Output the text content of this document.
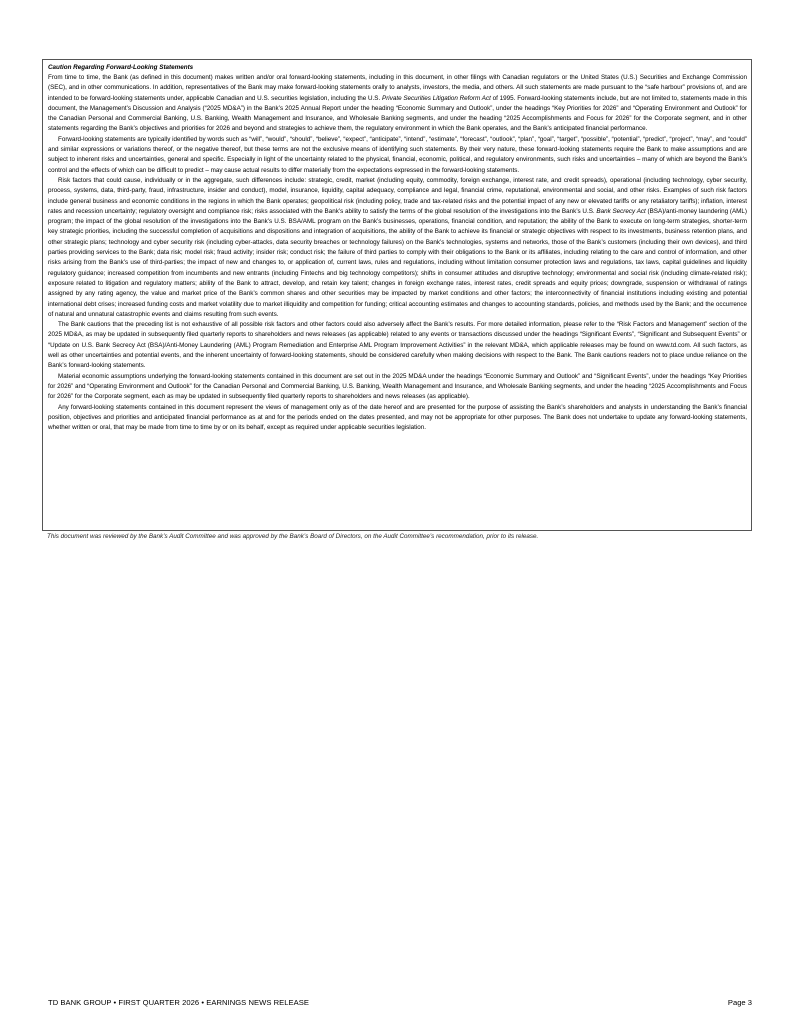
Caution Regarding Forward-Looking Statements

From time to time, the Bank (as defined in this document) makes written and/or oral forward-looking statements, including in this document, in other filings with Canadian regulators or the United States (U.S.) Securities and Exchange Commission (SEC), and in other communications. In addition, representatives of the Bank may make forward-looking statements orally to analysts, investors, the media, and others. All such statements are made pursuant to the “safe harbour” provisions of, and are intended to be forward-looking statements under, applicable Canadian and U.S. securities legislation, including the U.S. Private Securities Litigation Reform Act of 1995. Forward-looking statements include, but are not limited to, statements made in this document, the Management’s Discussion and Analysis (“2025 MD&A”) in the Bank’s 2025 Annual Report under the heading “Economic Summary and Outlook”, under the headings “Key Priorities for 2026” and “Operating Environment and Outlook” for the Canadian Personal and Commercial Banking, U.S. Banking, Wealth Management and Insurance, and Wholesale Banking segments, and under the heading “2025 Accomplishments and Focus for 2026” for the Corporate segment, and in other statements regarding the Bank’s objectives and priorities for 2026 and beyond and strategies to achieve them, the regulatory environment in which the Bank operates, and the Bank’s anticipated financial performance.

Forward-looking statements are typically identified by words such as “will”, “would”, “should”, “believe”, “expect”, “anticipate”, “intend”, “estimate”, “forecast”, “outlook”, “plan”, “goal”, “target”, “possible”, “potential”, “predict”, “project”, “may”, and “could” and similar expressions or variations thereof, or the negative thereof, but these terms are not the exclusive means of identifying such statements. By their very nature, these forward-looking statements require the Bank to make assumptions and are subject to inherent risks and uncertainties, general and specific. Especially in light of the uncertainty related to the physical, financial, economic, political, and regulatory environments, such risks and uncertainties – many of which are beyond the Bank’s control and the effects of which can be difficult to predict – may cause actual results to differ materially from the expectations expressed in the forward-looking statements.

Risk factors that could cause, individually or in the aggregate, such differences include: strategic, credit, market (including equity, commodity, foreign exchange, interest rate, and credit spreads), operational (including technology, cyber security, process, systems, data, third-party, fraud, infrastructure, insider and conduct), model, insurance, liquidity, capital adequacy, compliance and legal, financial crime, reputational, environmental and social, and other risks. Examples of such risk factors include general business and economic conditions in the regions in which the Bank operates; geopolitical risk (including policy, trade and tax-related risks and the potential impact of any new or elevated tariffs or any retaliatory tariffs); inflation, interest rates and recession uncertainty; regulatory oversight and compliance risk; risks associated with the Bank’s ability to satisfy the terms of the global resolution of the investigations into the Bank’s U.S. Bank Secrecy Act (BSA)/anti-money laundering (AML) program; the impact of the global resolution of the investigations into the Bank’s U.S. BSA/AML program on the Bank’s businesses, operations, financial condition, and reputation; the ability of the Bank to execute on long-term strategies, shorter-term key strategic priorities, including the successful completion of acquisitions and dispositions and integration of acquisitions, the ability of the Bank to achieve its financial or strategic objectives with respect to its investments, business retention plans, and other strategic plans; technology and cyber security risk (including cyber-attacks, data security breaches or technology failures) on the Bank’s technologies, systems and networks, those of the Bank’s customers (including their own devices), and third parties providing services to the Bank; data risk; model risk; fraud activity; insider risk; conduct risk; the failure of third parties to comply with their obligations to the Bank or its affiliates, including relating to the care and control of information, and other risks arising from the Bank’s use of third-parties; the impact of new and changes to, or application of, current laws, rules and regulations, including without limitation consumer protection laws and regulations, tax laws, capital guidelines and liquidity regulatory guidance; increased competition from incumbents and new entrants (including Fintechs and big technology competitors); shifts in consumer attitudes and disruptive technology; environmental and social risk (including climate-related risk); exposure related to litigation and regulatory matters; ability of the Bank to attract, develop, and retain key talent; changes in foreign exchange rates, interest rates, credit spreads and equity prices; downgrade, suspension or withdrawal of ratings assigned by any rating agency, the value and market price of the Bank’s common shares and other securities may be impacted by market conditions and other factors; the interconnectivity of financial institutions including existing and potential international debt crises; increased funding costs and market volatility due to market illiquidity and competition for funding; critical accounting estimates and changes to accounting standards, policies, and methods used by the Bank; and the occurrence of natural and unnatural catastrophic events and claims resulting from such events.

The Bank cautions that the preceding list is not exhaustive of all possible risk factors and other factors could also adversely affect the Bank’s results. For more detailed information, please refer to the “Risk Factors and Management” section of the 2025 MD&A, as may be updated in subsequently filed quarterly reports to shareholders and news releases (as applicable) related to any events or transactions discussed under the headings “Significant Events”, “Significant and Subsequent Events” or “Update on U.S. Bank Secrecy Act (BSA)/Anti-Money Laundering (AML) Program Remediation and Enterprise AML Program Improvement Activities” in the relevant MD&A, which applicable releases may be found on www.td.com. All such factors, as well as other uncertainties and potential events, and the inherent uncertainty of forward-looking statements, should be considered carefully when making decisions with respect to the Bank. The Bank cautions readers not to place undue reliance on the Bank’s forward-looking statements.

Material economic assumptions underlying the forward-looking statements contained in this document are set out in the 2025 MD&A under the headings “Economic Summary and Outlook” and “Significant Events”, under the headings “Key Priorities for 2026” and “Operating Environment and Outlook” for the Canadian Personal and Commercial Banking, U.S. Banking, Wealth Management and Insurance, and Wholesale Banking segments, and under the heading “2025 Accomplishments and Focus for 2026” for the Corporate segment, each as may be updated in subsequently filed quarterly reports to shareholders and news releases (as applicable).

Any forward-looking statements contained in this document represent the views of management only as of the date hereof and are presented for the purpose of assisting the Bank’s shareholders and analysts in understanding the Bank’s financial position, objectives and priorities and anticipated financial performance as at and for the periods ended on the dates presented, and may not be appropriate for other purposes. The Bank does not undertake to update any forward-looking statements, whether written or oral, that may be made from time to time by or on its behalf, except as required under applicable securities legislation.

This document was reviewed by the Bank’s Audit Committee and was approved by the Bank’s Board of Directors, on the Audit Committee’s recommendation, prior to its release.

TD BANK GROUP • FIRST QUARTER 2026 • EARNINGS NEWS RELEASE	Page 3
